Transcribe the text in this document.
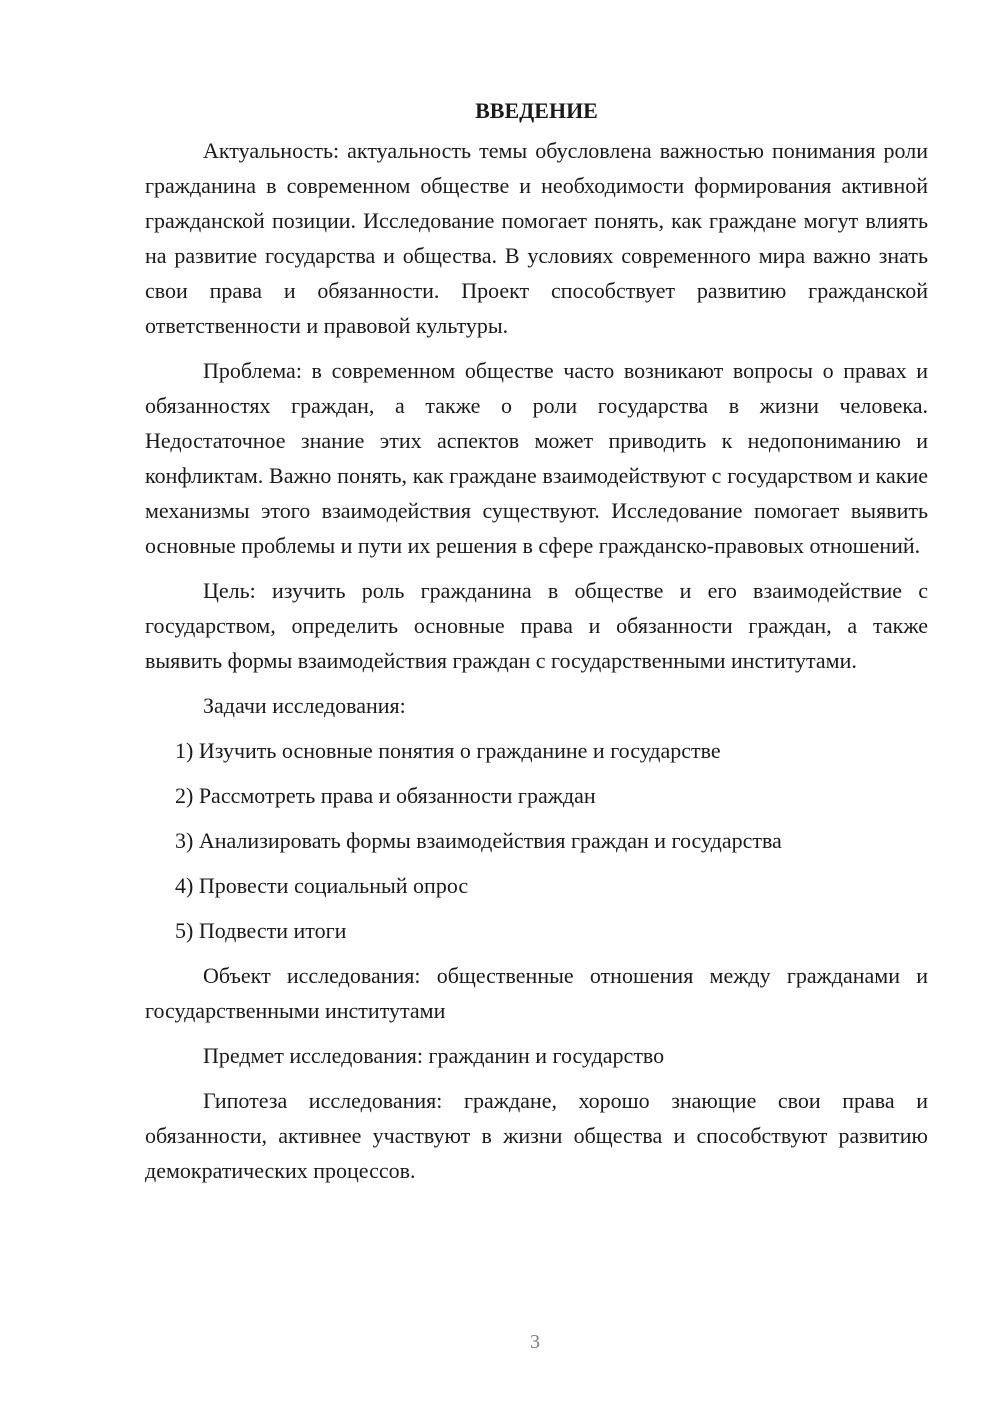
ВВЕДЕНИЕ

Актуальность: актуальность темы обусловлена важностью понимания роли гражданина в современном обществе и необходимости формирования активной гражданской позиции. Исследование помогает понять, как граждане могут влиять на развитие государства и общества. В условиях современного мира важно знать свои права и обязанности. Проект способствует развитию гражданской ответственности и правовой культуры.

Проблема: в современном обществе часто возникают вопросы о правах и обязанностях граждан, а также о роли государства в жизни человека. Недостаточное знание этих аспектов может приводить к недопониманию и конфликтам. Важно понять, как граждане взаимодействуют с государством и какие механизмы этого взаимодействия существуют. Исследование помогает выявить основные проблемы и пути их решения в сфере гражданско-правовых отношений.

Цель: изучить роль гражданина в обществе и его взаимодействие с государством, определить основные права и обязанности граждан, а также выявить формы взаимодействия граждан с государственными институтами.

Задачи исследования:

1) Изучить основные понятия о гражданине и государстве
2) Рассмотреть права и обязанности граждан
3) Анализировать формы взаимодействия граждан и государства
4) Провести социальный опрос
5) Подвести итоги

Объект исследования: общественные отношения между гражданами и государственными институтами

Предмет исследования: гражданин и государство

Гипотеза исследования: граждане, хорошо знающие свои права и обязанности, активнее участвуют в жизни общества и способствуют развитию демократических процессов.

3
